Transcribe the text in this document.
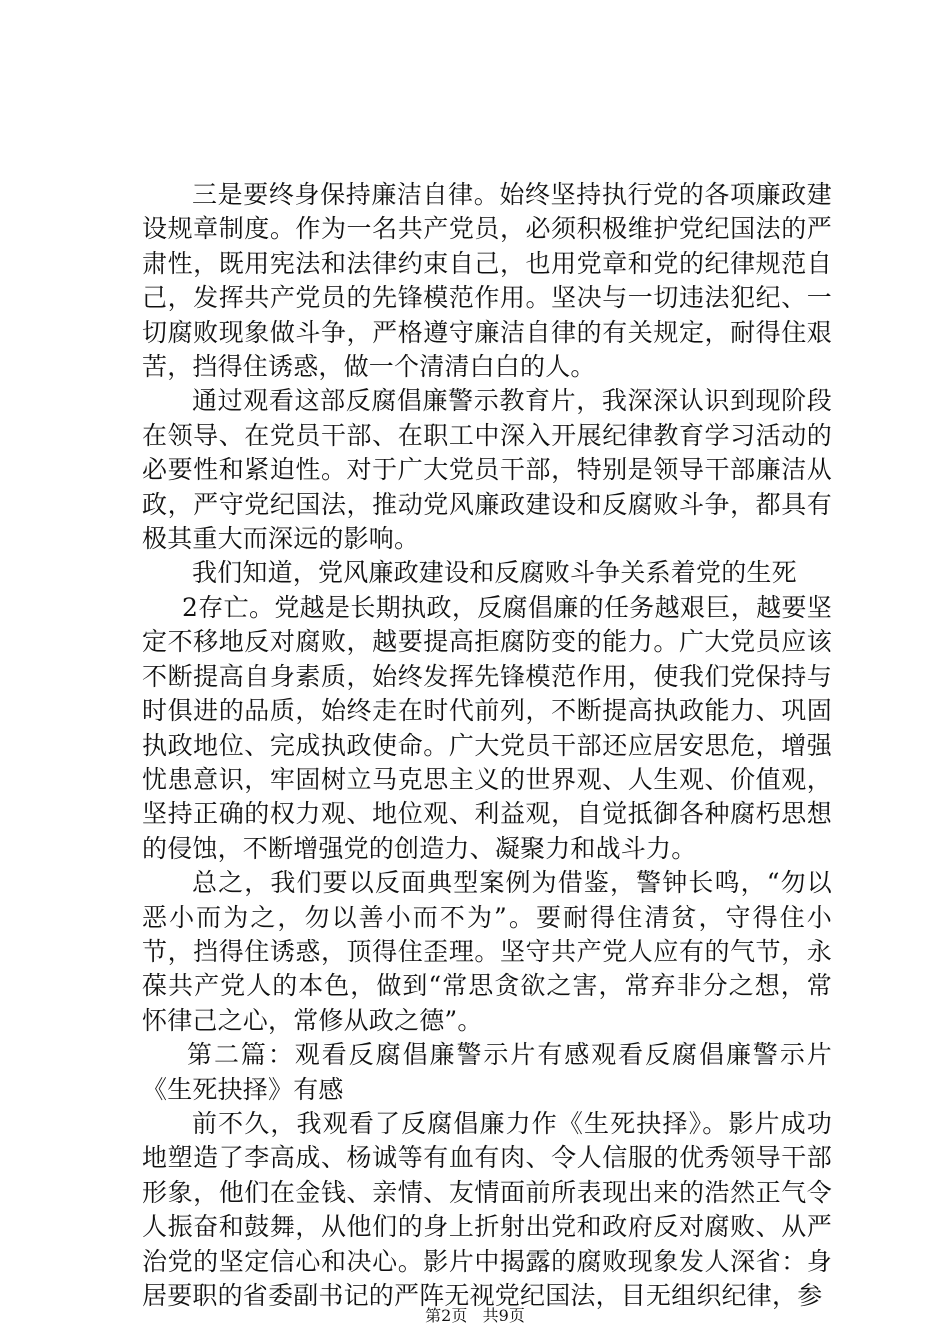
三是要终身保持廉洁自律。始终坚持执行党的各项廉政建设规章制度。作为一名共产党员，必须积极维护党纪国法的严肃性，既用宪法和法律约束自己，也用党章和党的纪律规范自己，发挥共产党员的先锋模范作用。坚决与一切违法犯纪、一切腐败现象做斗争，严格遵守廉洁自律的有关规定，耐得住艰苦，挡得住诱惑，做一个清清白白的人。

通过观看这部反腐倡廉警示教育片，我深深认识到现阶段在领导、在党员干部、在职工中深入开展纪律教育学习活动的必要性和紧迫性。对于广大党员干部，特别是领导干部廉洁从政，严守党纪国法，推动党风廉政建设和反腐败斗争，都具有极其重大而深远的影响。

我们知道，党风廉政建设和反腐败斗争关系着党的生死

2存亡。党越是长期执政，反腐倡廉的任务越艰巨，越要坚定不移地反对腐败，越要提高拒腐防变的能力。广大党员应该不断提高自身素质，始终发挥先锋模范作用，使我们党保持与时俱进的品质，始终走在时代前列，不断提高执政能力、巩固执政地位、完成执政使命。广大党员干部还应居安思危，增强忧患意识，牢固树立马克思主义的世界观、人生观、价值观，坚持正确的权力观、地位观、利益观，自觉抵御各种腐朽思想的侵蚀，不断增强党的创造力、凝聚力和战斗力。

总之，我们要以反面典型案例为借鉴，警钟长鸣，“勿以恶小而为之，勿以善小而不为”。要耐得住清贫，守得住小节，挡得住诱惑，顶得住歪理。坚守共产党人应有的气节，永葆共产党人的本色，做到“常思贪欲之害，常弃非分之想，常怀律己之心，常修从政之德”。

第二篇：观看反腐倡廉警示片有感观看反腐倡廉警示片《生死抉择》有感

前不久，我观看了反腐倡廉力作《生死抉择》。影片成功地塑造了李高成、杨诚等有血有肉、令人信服的优秀领导干部形象，他们在金钱、亲情、友情面前所表现出来的浩然正气令人振奋和鼓舞，从他们的身上折射出党和政府反对腐败、从严治党的坚定信心和决心。影片中揭露的腐败现象发人深省：身居要职的省委副书记的严阵无视党纪国法，目无组织纪律，参

第2页 共9页
